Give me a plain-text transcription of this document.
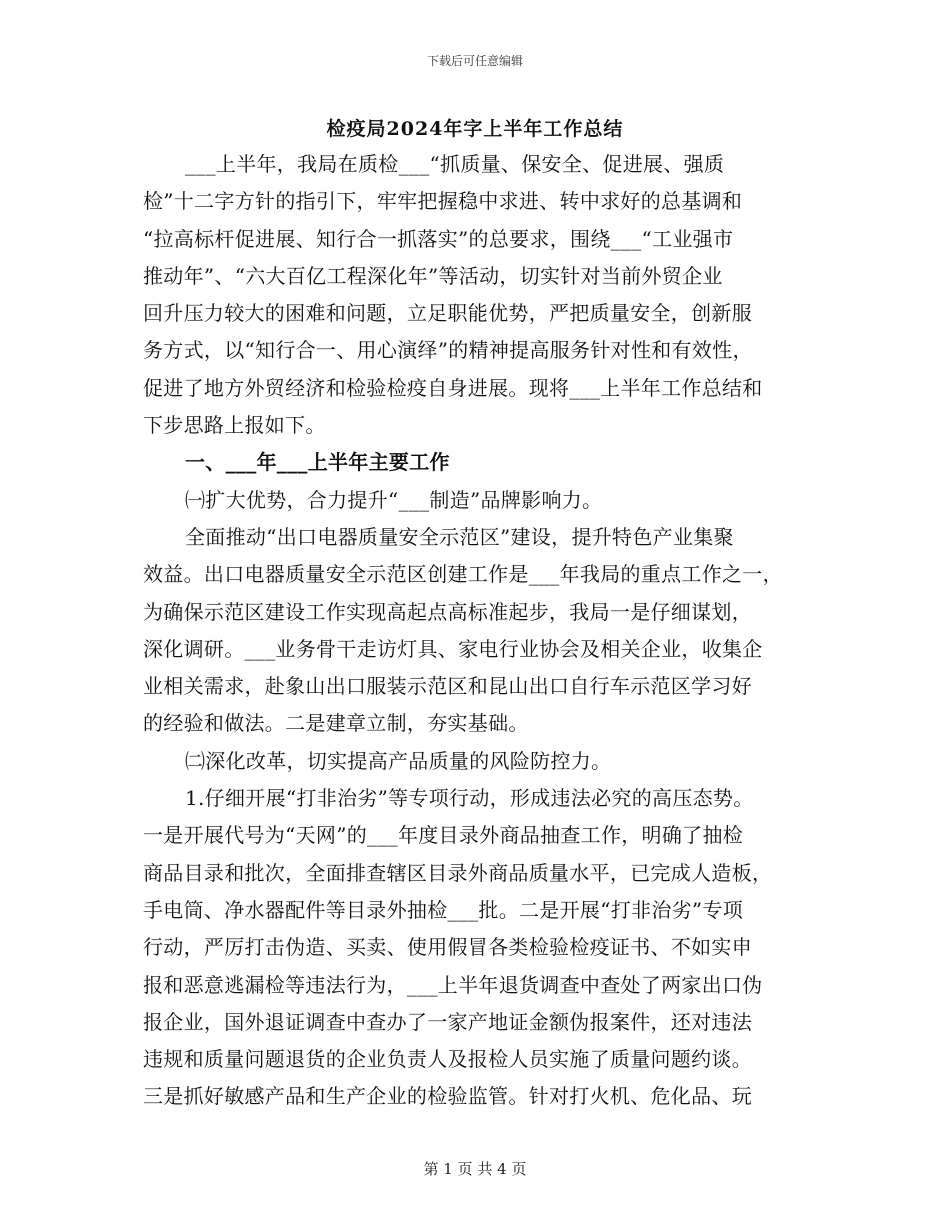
下载后可任意编辑
检疫局2024年字上半年工作总结
___上半年，我局在质检___“抓质量、保安全、促进展、强质
检”十二字方针的指引下，牢牢把握稳中求进、转中求好的总基调和
“拉高标杆促进展、知行合一抓落实”的总要求，围绕___“工业强市
推动年”、“六大百亿工程深化年”等活动，切实针对当前外贸企业
回升压力较大的困难和问题，立足职能优势，严把质量安全，创新服
务方式，以“知行合一、用心演绎”的精神提高服务针对性和有效性，
促进了地方外贸经济和检验检疫自身进展。现将___上半年工作总结和
下步思路上报如下。
一、___年___上半年主要工作
㈠扩大优势，合力提升“___制造”品牌影响力。
全面推动“出口电器质量安全示范区”建设，提升特色产业集聚
效益。出口电器质量安全示范区创建工作是___年我局的重点工作之一，
为确保示范区建设工作实现高起点高标准起步，我局一是仔细谋划，
深化调研。___业务骨干走访灯具、家电行业协会及相关企业，收集企
业相关需求，赴象山出口服装示范区和昆山出口自行车示范区学习好
的经验和做法。二是建章立制，夯实基础。
㈡深化改革，切实提高产品质量的风险防控力。
1.仔细开展“打非治劣”等专项行动，形成违法必究的高压态势。
一是开展代号为“天网”的___年度目录外商品抽查工作，明确了抽检
商品目录和批次，全面排查辖区目录外商品质量水平，已完成人造板，
手电筒、净水器配件等目录外抽检___批。二是开展“打非治劣”专项
行动，严厉打击伪造、买卖、使用假冒各类检验检疫证书、不如实申
报和恶意逃漏检等违法行为，___上半年退货调查中查处了两家出口伪
报企业，国外退证调查中查办了一家产地证金额伪报案件，还对违法
违规和质量问题退货的企业负责人及报检人员实施了质量问题约谈。
三是抓好敏感产品和生产企业的检验监管。针对打火机、危化品、玩
第 1 页 共 4 页
